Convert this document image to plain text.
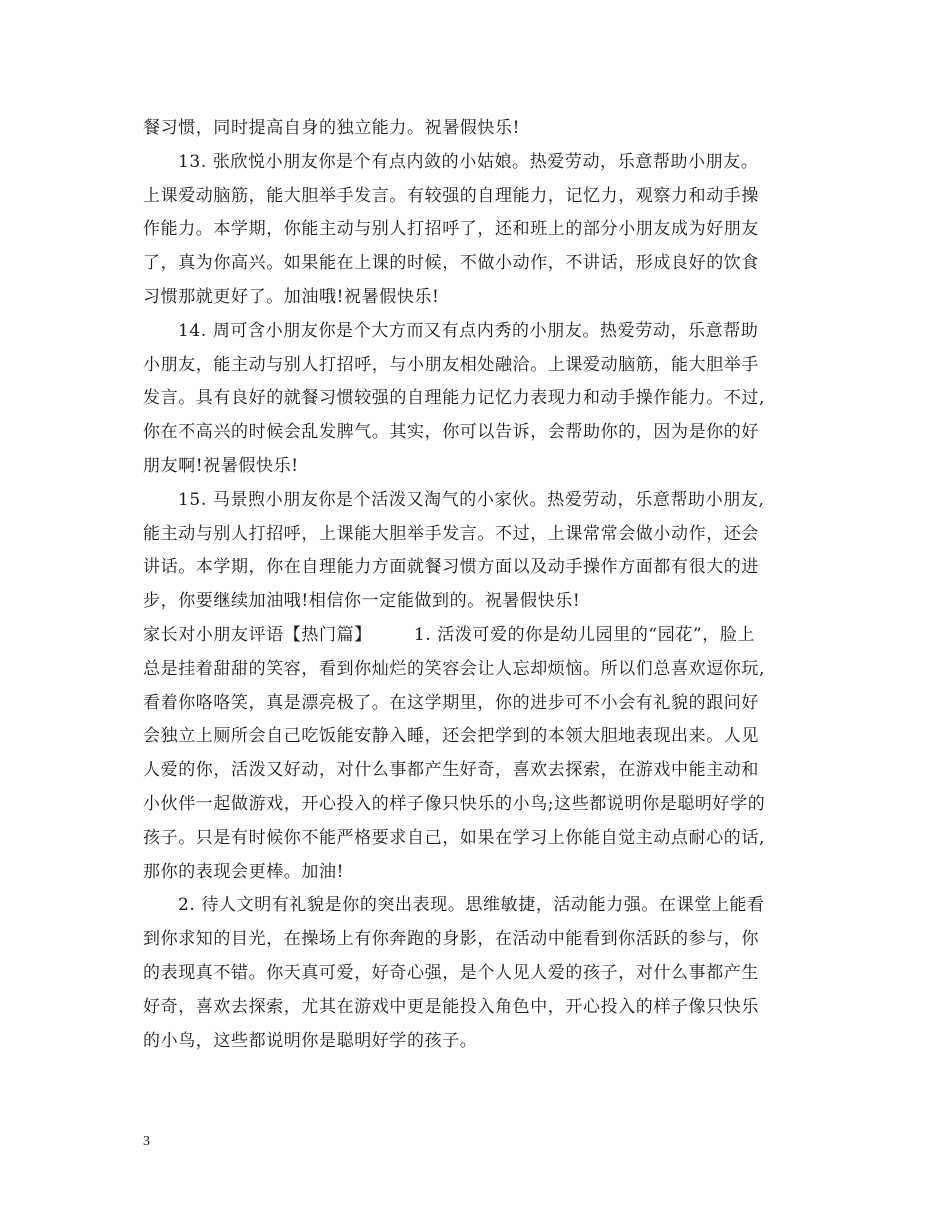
餐习惯，同时提高自身的独立能力。祝暑假快乐!
13. 张欣悦小朋友你是个有点内敛的小姑娘。热爱劳动，乐意帮助小朋友。
上课爱动脑筋，能大胆举手发言。有较强的自理能力，记忆力，观察力和动手操
作能力。本学期，你能主动与别人打招呼了，还和班上的部分小朋友成为好朋友
了，真为你高兴。如果能在上课的时候，不做小动作，不讲话，形成良好的饮食
习惯那就更好了。加油哦!祝暑假快乐!
14. 周可含小朋友你是个大方而又有点内秀的小朋友。热爱劳动，乐意帮助
小朋友，能主动与别人打招呼，与小朋友相处融洽。上课爱动脑筋，能大胆举手
发言。具有良好的就餐习惯较强的自理能力记忆力表现力和动手操作能力。不过,
你在不高兴的时候会乱发脾气。其实，你可以告诉，会帮助你的，因为是你的好
朋友啊!祝暑假快乐!
15. 马景煦小朋友你是个活泼又淘气的小家伙。热爱劳动，乐意帮助小朋友,
能主动与别人打招呼，上课能大胆举手发言。不过，上课常常会做小动作，还会
讲话。本学期，你在自理能力方面就餐习惯方面以及动手操作方面都有很大的进
步，你要继续加油哦!相信你一定能做到的。祝暑假快乐!
家长对小朋友评语【热门篇】 1. 活泼可爱的你是幼儿园里的“园花”，脸上
总是挂着甜甜的笑容，看到你灿烂的笑容会让人忘却烦恼。所以们总喜欢逗你玩,
看着你咯咯笑，真是漂亮极了。在这学期里，你的进步可不小会有礼貌的跟问好
会独立上厕所会自己吃饭能安静入睡，还会把学到的本领大胆地表现出来。人见
人爱的你，活泼又好动，对什么事都产生好奇，喜欢去探索，在游戏中能主动和
小伙伴一起做游戏，开心投入的样子像只快乐的小鸟;这些都说明你是聪明好学的
孩子。只是有时候你不能严格要求自己，如果在学习上你能自觉主动点耐心的话,
那你的表现会更棒。加油!
2. 待人文明有礼貌是你的突出表现。思维敏捷，活动能力强。在课堂上能看
到你求知的目光，在操场上有你奔跑的身影，在活动中能看到你活跃的参与，你
的表现真不错。你天真可爱，好奇心强，是个人见人爱的孩子，对什么事都产生
好奇，喜欢去探索，尤其在游戏中更是能投入角色中，开心投入的样子像只快乐
的小鸟，这些都说明你是聪明好学的孩子。
3
